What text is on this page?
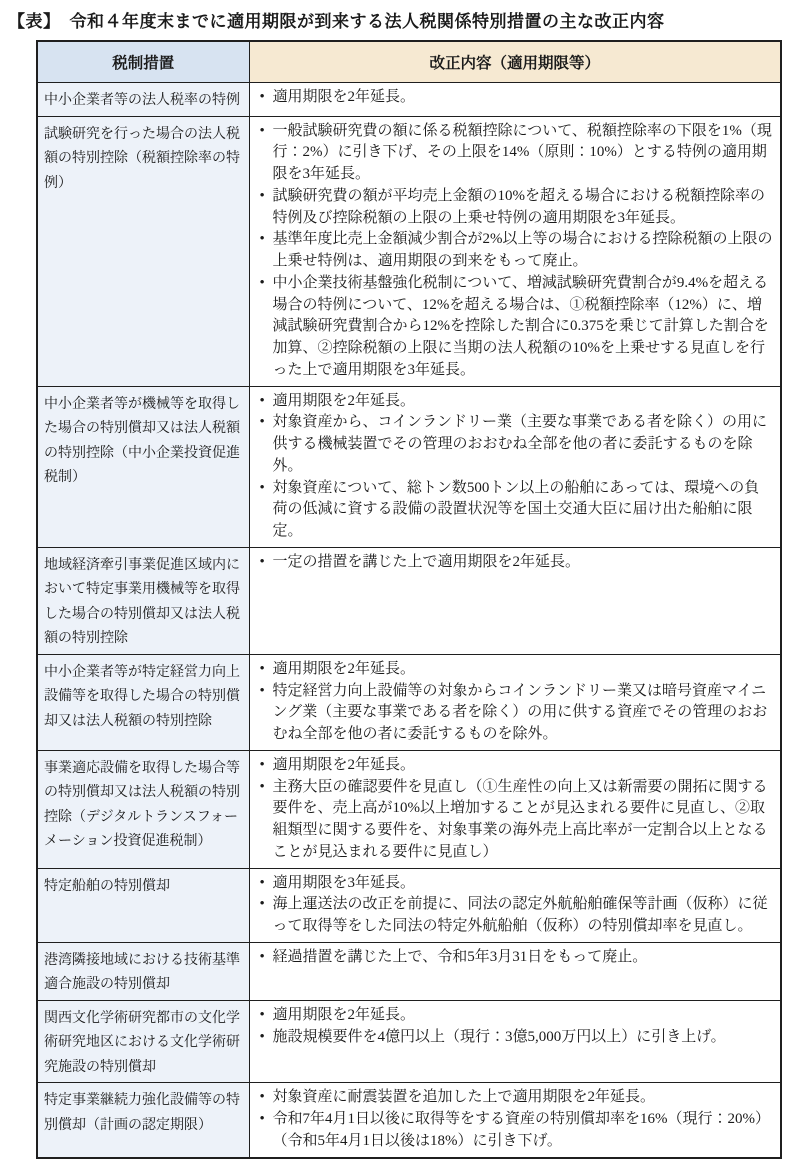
【表】　令和４年度末までに適用期限が到来する法人税関係特別措置の主な改正内容
税制措置	改正内容（適用期限等）
中小企業者等の法人税率の特例	• 適用期限を2年延長。

試験研究を行った場合の法人税額の特別控除（税額控除率の特例）	• 一般試験研究費の額に係る税額控除について、税額控除率の下限を1%（現行：2%）に引き下げ、その上限を14%（原則：10%）とする特例の適用期限を3年延長。
• 試験研究費の額が平均売上金額の10%を超える場合における税額控除率の特例及び控除税額の上限の上乗せ特例の適用期限を3年延長。
• 基準年度比売上金額減少割合が2%以上等の場合における控除税額の上限の上乗せ特例は、適用期限の到来をもって廃止。
• 中小企業技術基盤強化税制について、増減試験研究費割合が9.4%を超える場合の特例について、12%を超える場合は、①税額控除率（12%）に、増減試験研究費割合から12%を控除した割合に0.375を乗じて計算した割合を加算、②控除税額の上限に当期の法人税額の10%を上乗せする見直しを行った上で適用期限を3年延長。

中小企業者等が機械等を取得した場合の特別償却又は法人税額の特別控除（中小企業投資促進税制）	• 適用期限を2年延長。
• 対象資産から、コインランドリー業（主要な事業である者を除く）の用に供する機械装置でその管理のおおむね全部を他の者に委託するものを除外。
• 対象資産について、総トン数500トン以上の船舶にあっては、環境への負荷の低減に資する設備の設置状況等を国土交通大臣に届け出た船舶に限定。

地域経済牽引事業促進区域内において特定事業用機械等を取得した場合の特別償却又は法人税額の特別控除	• 一定の措置を講じた上で適用期限を2年延長。

中小企業者等が特定経営力向上設備等を取得した場合の特別償却又は法人税額の特別控除	• 適用期限を2年延長。
• 特定経営力向上設備等の対象からコインランドリー業又は暗号資産マイニング業（主要な事業である者を除く）の用に供する資産でその管理のおおむね全部を他の者に委託するものを除外。

事業適応設備を取得した場合等の特別償却又は法人税額の特別控除（デジタルトランスフォーメーション投資促進税制）	• 適用期限を2年延長。
• 主務大臣の確認要件を見直し（①生産性の向上又は新需要の開拓に関する要件を、売上高が10%以上増加することが見込まれる要件に見直し、②取組類型に関する要件を、対象事業の海外売上高比率が一定割合以上となることが見込まれる要件に見直し）

特定船舶の特別償却	• 適用期限を3年延長。
• 海上運送法の改正を前提に、同法の認定外航船舶確保等計画（仮称）に従って取得等をした同法の特定外航船舶（仮称）の特別償却率を見直し。

港湾隣接地域における技術基準適合施設の特別償却	• 経過措置を講じた上で、令和5年3月31日をもって廃止。

関西文化学術研究都市の文化学術研究地区における文化学術研究施設の特別償却	• 適用期限を2年延長。
• 施設規模要件を4億円以上（現行：3億5,000万円以上）に引き上げ。

特定事業継続力強化設備等の特別償却（計画の認定期限）	• 対象資産に耐震装置を追加した上で適用期限を2年延長。
• 令和7年4月1日以後に取得等をする資産の特別償却率を16%（現行：20%）（令和5年4月1日以後は18%）に引き下げ。
